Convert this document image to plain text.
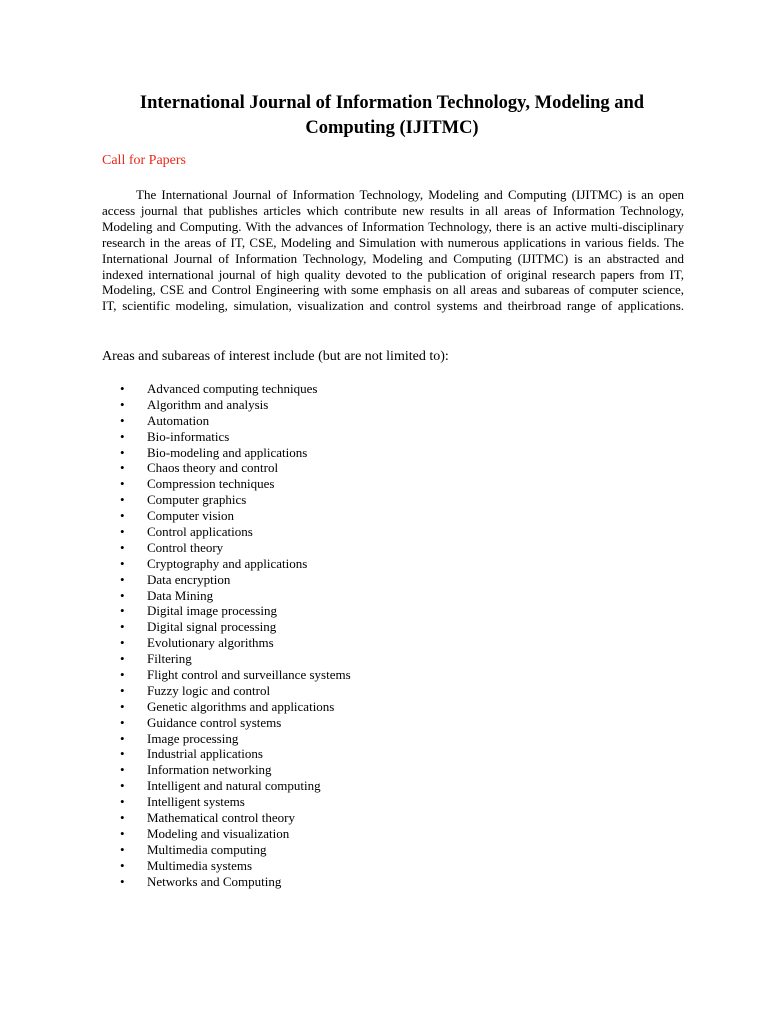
International Journal of Information Technology, Modeling and Computing (IJITMC)

Call for Papers

The International Journal of Information Technology, Modeling and Computing (IJITMC) is an open access journal that publishes articles which contribute new results in all areas of Information Technology, Modeling and Computing. With the advances of Information Technology, there is an active multi-disciplinary research in the areas of IT, CSE, Modeling and Simulation with numerous applications in various fields. The International Journal of Information Technology, Modeling and Computing (IJITMC) is an abstracted and indexed international journal of high quality devoted to the publication of original research papers from IT, Modeling, CSE and Control Engineering with some emphasis on all areas and subareas of computer science, IT, scientific modeling, simulation, visualization and control systems and theirbroad range of applications.

Areas and subareas of interest include (but are not limited to):

• Advanced computing techniques
• Algorithm and analysis
• Automation
• Bio-informatics
• Bio-modeling and applications
• Chaos theory and control
• Compression techniques
• Computer graphics
• Computer vision
• Control applications
• Control theory
• Cryptography and applications
• Data encryption
• Data Mining
• Digital image processing
• Digital signal processing
• Evolutionary algorithms
• Filtering
• Flight control and surveillance systems
• Fuzzy logic and control
• Genetic algorithms and applications
• Guidance control systems
• Image processing
• Industrial applications
• Information networking
• Intelligent and natural computing
• Intelligent systems
• Mathematical control theory
• Modeling and visualization
• Multimedia computing
• Multimedia systems
• Networks and Computing
